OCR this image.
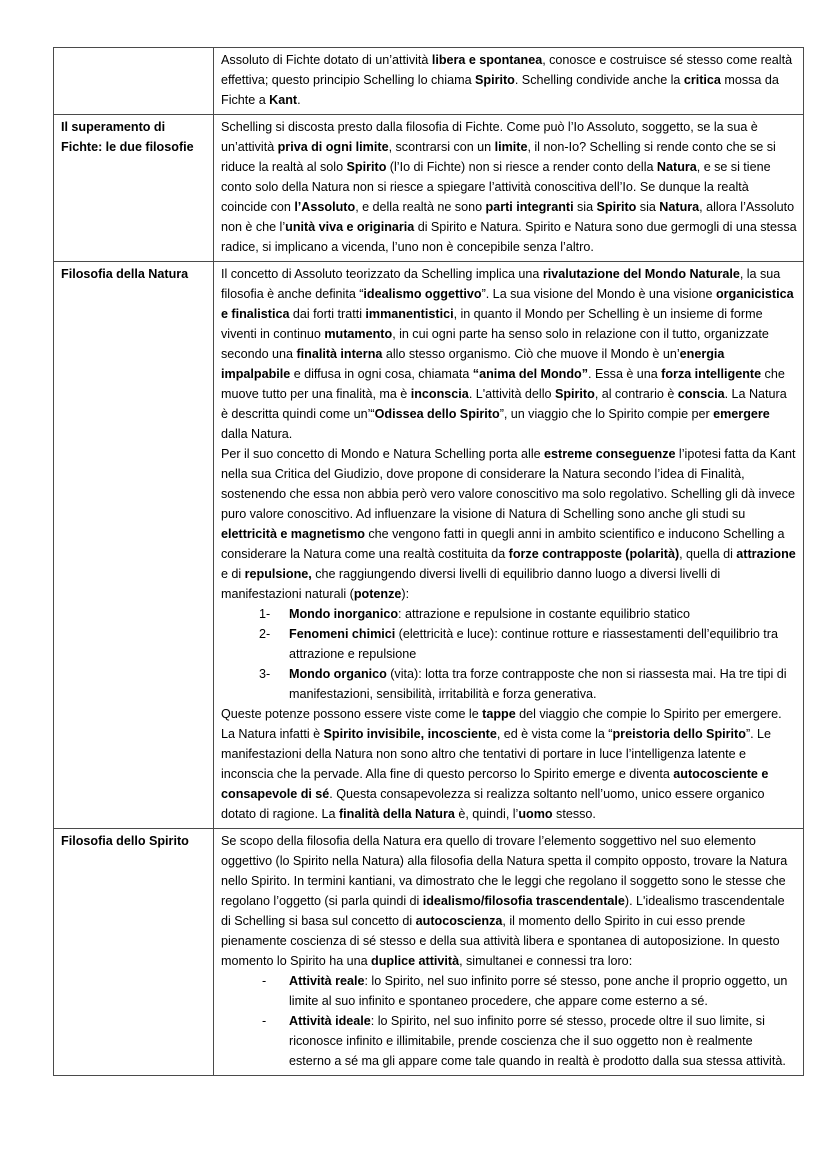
	Assoluto di Fichte dotato di un’attività libera e spontanea, conosce e costruisce sé stesso come realtà effettiva; questo principio Schelling lo chiama Spirito. Schelling condivide anche la critica mossa da Fichte a Kant.

Il superamento di Fichte: le due filosofie	Schelling si discosta presto dalla filosofia di Fichte. Come può l’Io Assoluto, soggetto, se la sua è un’attività priva di ogni limite, scontrarsi con un limite, il non-Io? Schelling si rende conto che se si riduce la realtà al solo Spirito (l’Io di Fichte) non si riesce a render conto della Natura, e se si tiene conto solo della Natura non si riesce a spiegare l’attività conoscitiva dell’Io. Se dunque la realtà coincide con l’Assoluto, e della realtà ne sono parti integranti sia Spirito sia Natura, allora l’Assoluto non è che l’unità viva e originaria di Spirito e Natura. Spirito e Natura sono due germogli di una stessa radice, si implicano a vicenda, l’uno non è concepibile senza l’altro.

Filosofia della Natura	Il concetto di Assoluto teorizzato da Schelling implica una rivalutazione del Mondo Naturale, la sua filosofia è anche definita “idealismo oggettivo”. La sua visione del Mondo è una visione organicistica e finalistica dai forti tratti immanentistici, in quanto il Mondo per Schelling è un insieme di forme viventi in continuo mutamento, in cui ogni parte ha senso solo in relazione con il tutto, organizzate secondo una finalità interna allo stesso organismo. Ciò che muove il Mondo è un’energia impalpabile e diffusa in ogni cosa, chiamata “anima del Mondo”. Essa è una forza intelligente che muove tutto per una finalità, ma è inconscia. L'attività dello Spirito, al contrario è conscia. La Natura è descritta quindi come un’“Odissea dello Spirito”, un viaggio che lo Spirito compie per emergere dalla Natura.

Per il suo concetto di Mondo e Natura Schelling porta alle estreme conseguenze l’ipotesi fatta da Kant nella sua Critica del Giudizio, dove propone di considerare la Natura secondo l’idea di Finalità, sostenendo che essa non abbia però vero valore conoscitivo ma solo regolativo. Schelling gli dà invece puro valore conoscitivo. Ad influenzare la visione di Natura di Schelling sono anche gli studi su elettricità e magnetismo che vengono fatti in quegli anni in ambito scientifico e inducono Schelling a considerare la Natura come una realtà costituita da forze contrapposte (polarità), quella di attrazione e di repulsione, che raggiungendo diversi livelli di equilibrio danno luogo a diversi livelli di manifestazioni naturali (potenze):

1-	Mondo inorganico: attrazione e repulsione in costante equilibrio statico
2-	Fenomeni chimici (elettricità e luce): continue rotture e riassestamenti dell’equilibrio tra attrazione e repulsione
3-	Mondo organico (vita): lotta tra forze contrapposte che non si riassesta mai. Ha tre tipi di manifestazioni, sensibilità, irritabilità e forza generativa.

Queste potenze possono essere viste come le tappe del viaggio che compie lo Spirito per emergere. La Natura infatti è Spirito invisibile, incosciente, ed è vista come la “preistoria dello Spirito”. Le manifestazioni della Natura non sono altro che tentativi di portare in luce l’intelligenza latente e inconscia che la pervade. Alla fine di questo percorso lo Spirito emerge e diventa autocosciente e consapevole di sé. Questa consapevolezza si realizza soltanto nell’uomo, unico essere organico dotato di ragione. La finalità della Natura è, quindi, l’uomo stesso.

Filosofia dello Spirito	Se scopo della filosofia della Natura era quello di trovare l’elemento soggettivo nel suo elemento oggettivo (lo Spirito nella Natura) alla filosofia della Natura spetta il compito opposto, trovare la Natura nello Spirito. In termini kantiani, va dimostrato che le leggi che regolano il soggetto sono le stesse che regolano l’oggetto (si parla quindi di idealismo/filosofia trascendentale). L'idealismo trascendentale di Schelling si basa sul concetto di autocoscienza, il momento dello Spirito in cui esso prende pienamente coscienza di sé stesso e della sua attività libera e spontanea di autoposizione. In questo momento lo Spirito ha una duplice attività, simultanei e connessi tra loro:

-	Attività reale: lo Spirito, nel suo infinito porre sé stesso, pone anche il proprio oggetto, un limite al suo infinito e spontaneo procedere, che appare come esterno a sé.
-	Attività ideale: lo Spirito, nel suo infinito porre sé stesso, procede oltre il suo limite, si riconosce infinito e illimitabile, prende coscienza che il suo oggetto non è realmente esterno a sé ma gli appare come tale quando in realtà è prodotto dalla sua stessa attività.
